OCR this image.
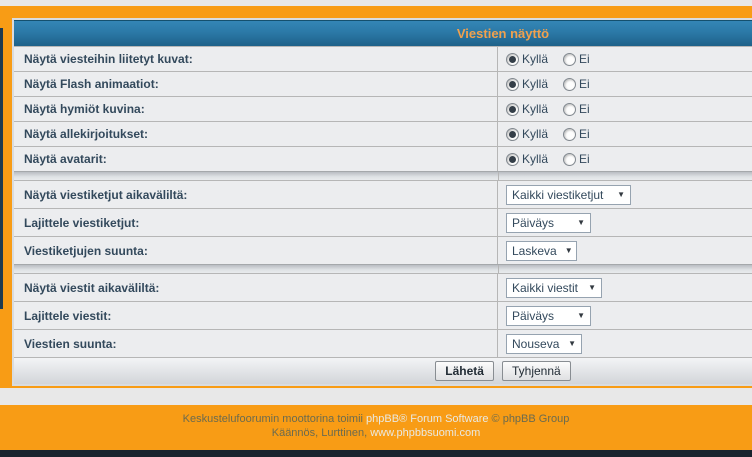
Viestien näyttö
Näytä viesteihin liitetyt kuvat:	Kyllä	Ei
Näytä Flash animaatiot:	Kyllä	Ei
Näytä hymiöt kuvina:	Kyllä	Ei
Näytä allekirjoitukset:	Kyllä	Ei
Näytä avatarit:	Kyllä	Ei
Näytä viestiketjut aikaväliltä:	Kaikki viestiketjut ▼
Lajittele viestiketjut:	Päiväys	▼
Viestiketjujen suunta:	Laskeva ▼
Näytä viestit aikaväliltä:	Kaikki viestit ▼
Lajittele viestit:	Päiväys	▼
Viestien suunta:	Nouseva ▼
Lähetä	Tyhjennä
Keskustelufoorumin moottorina toimii phpBB® Forum Software © phpBB Group
Käännös, Lurttinen, www.phpbbsuomi.com
